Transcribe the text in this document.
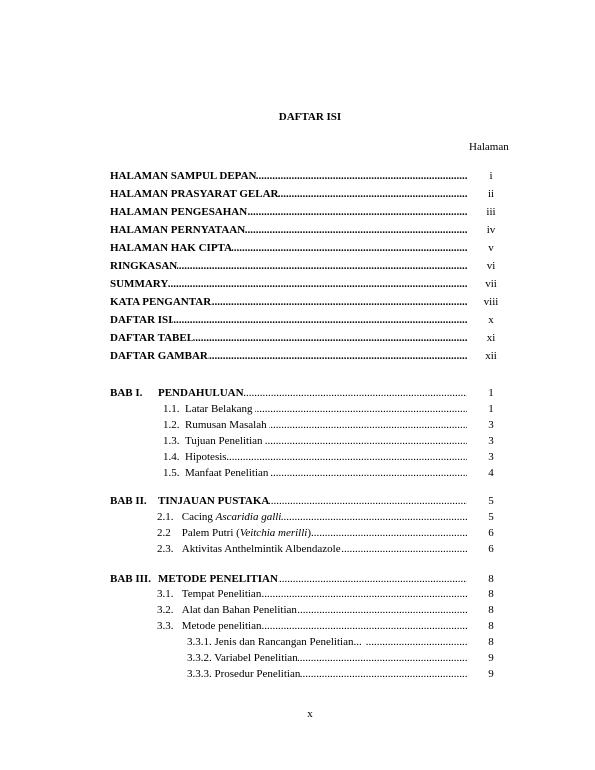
DAFTAR ISI
Halaman
.....
HALAMAN SAMPUL DEPAN	i
.....
HALAMAN PRASYARAT GELAR	ii
.....
HALAMAN PENGESAHAN	iii
.....
HALAMAN PERNYATAAN	iv
.....
HALAMAN HAK CIPTA	v
.....
RINGKASAN	vi
.....
SUMMARY	vii
.....
KATA PENGANTAR	viii
.....
DAFTAR ISI	x
.....
DAFTAR TABEL	xi
.....
DAFTAR GAMBAR	xii
BAB I. ..... PENDAHULUAN	1
.....
1.1. Latar Belakang	1
.....
1.2. Rumusan Masalah	3
.....
1.3. Tujuan Penelitian	3
.....
1.4. Hipotesis	3
.....
1.5. Manfaat Penelitian	4
BAB II. ..... TINJAUAN PUSTAKA	5
.....
2.1. Cacing Ascaridia galli	5
.....
2.2 Palem Putri (Veitchia merilli)	6
.....
2.3. Aktivitas Anthelmintik Albendazole	6
BAB III. ..... METODE PENELITIAN	8
.....
3.1. Tempat Penelitian	8
.....
3.2. Alat dan Bahan Penelitian	8
.....
3.3. Metode penelitian	8
.....
3.3.1. Jenis dan Rancangan Penelitian...	8
.....
3.3.2. Variabel Penelitian	9
.....
3.3.3. Prosedur Penelitian	9
x
